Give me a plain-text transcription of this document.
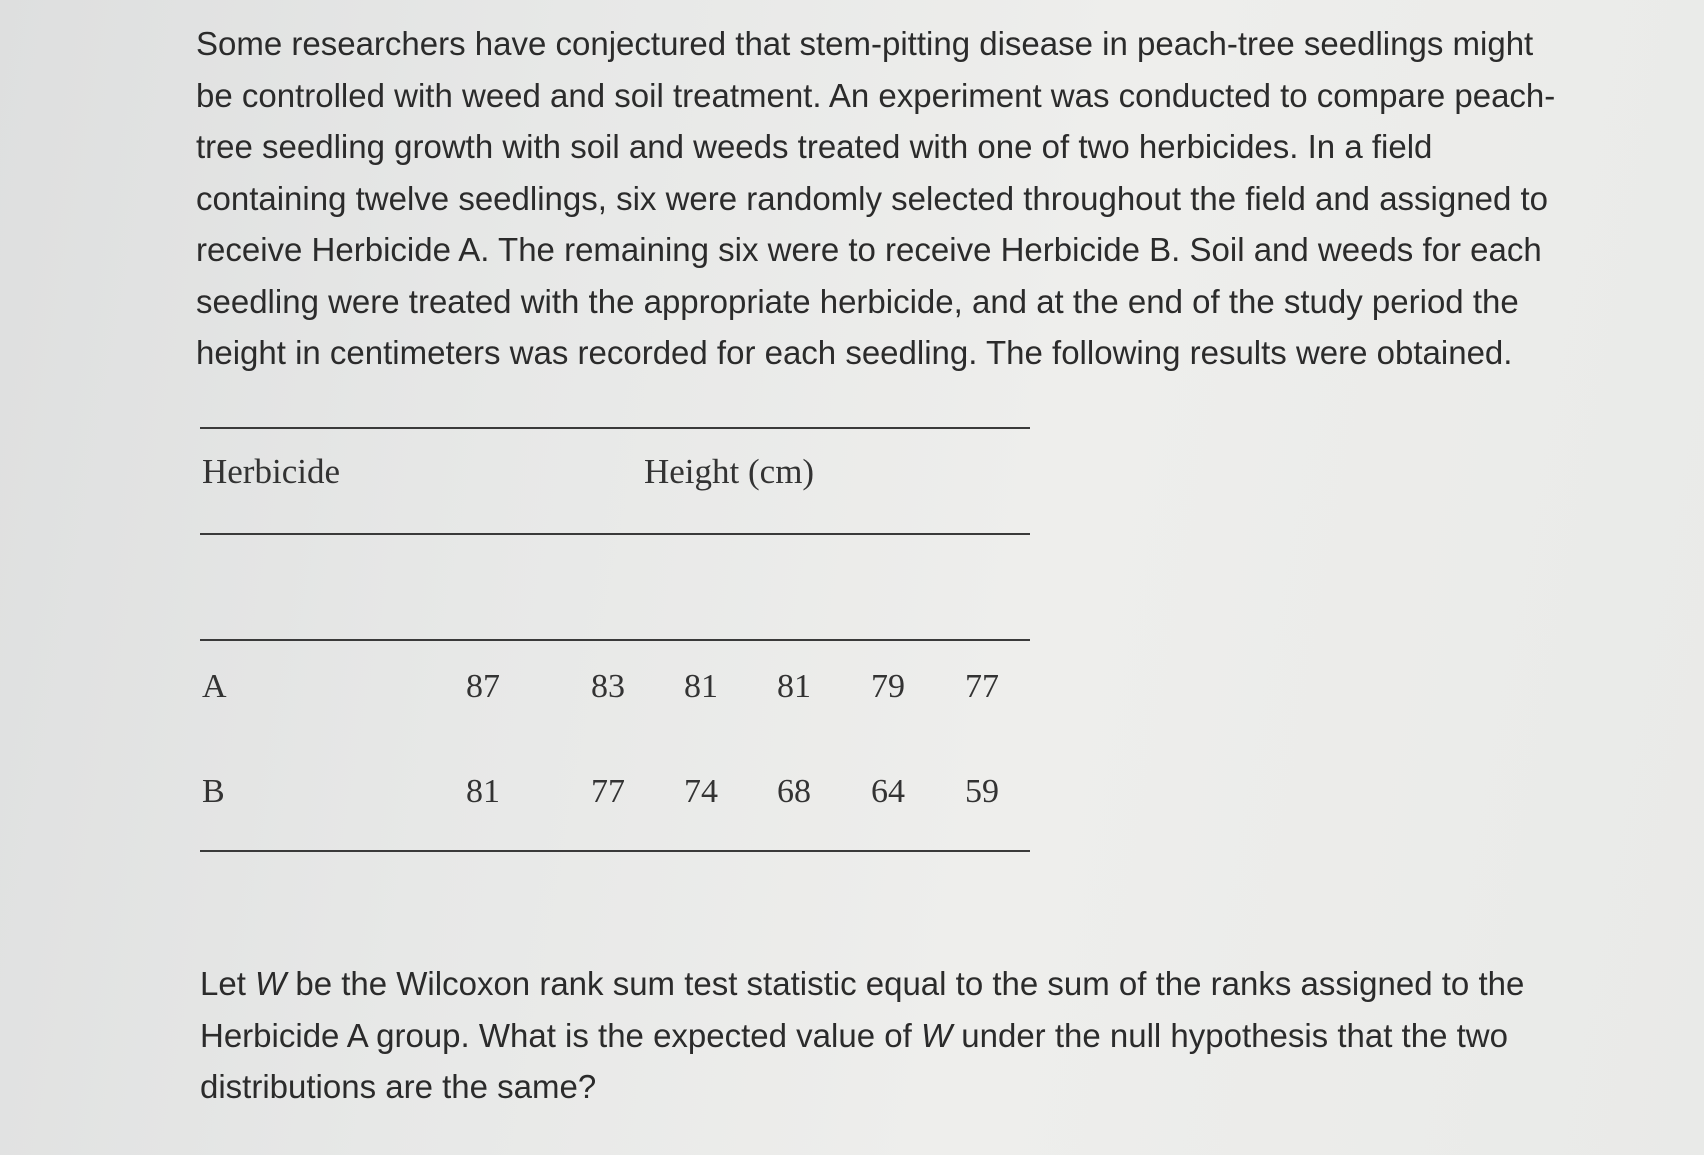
Some researchers have conjectured that stem-pitting disease in peach-tree seedlings might be controlled with weed and soil treatment. An experiment was conducted to compare peach-tree seedling growth with soil and weeds treated with one of two herbicides. In a field containing twelve seedlings, six were randomly selected throughout the field and assigned to receive Herbicide A. The remaining six were to receive Herbicide B. Soil and weeds for each seedling were treated with the appropriate herbicide, and at the end of the study period the height in centimeters was recorded for each seedling. The following results were obtained.

Herbicide	Height (cm)
A	87	83	81	81	79	77
B	81	77	74	68	64	59

Let W be the Wilcoxon rank sum test statistic equal to the sum of the ranks assigned to the Herbicide A group. What is the expected value of W under the null hypothesis that the two distributions are the same?
